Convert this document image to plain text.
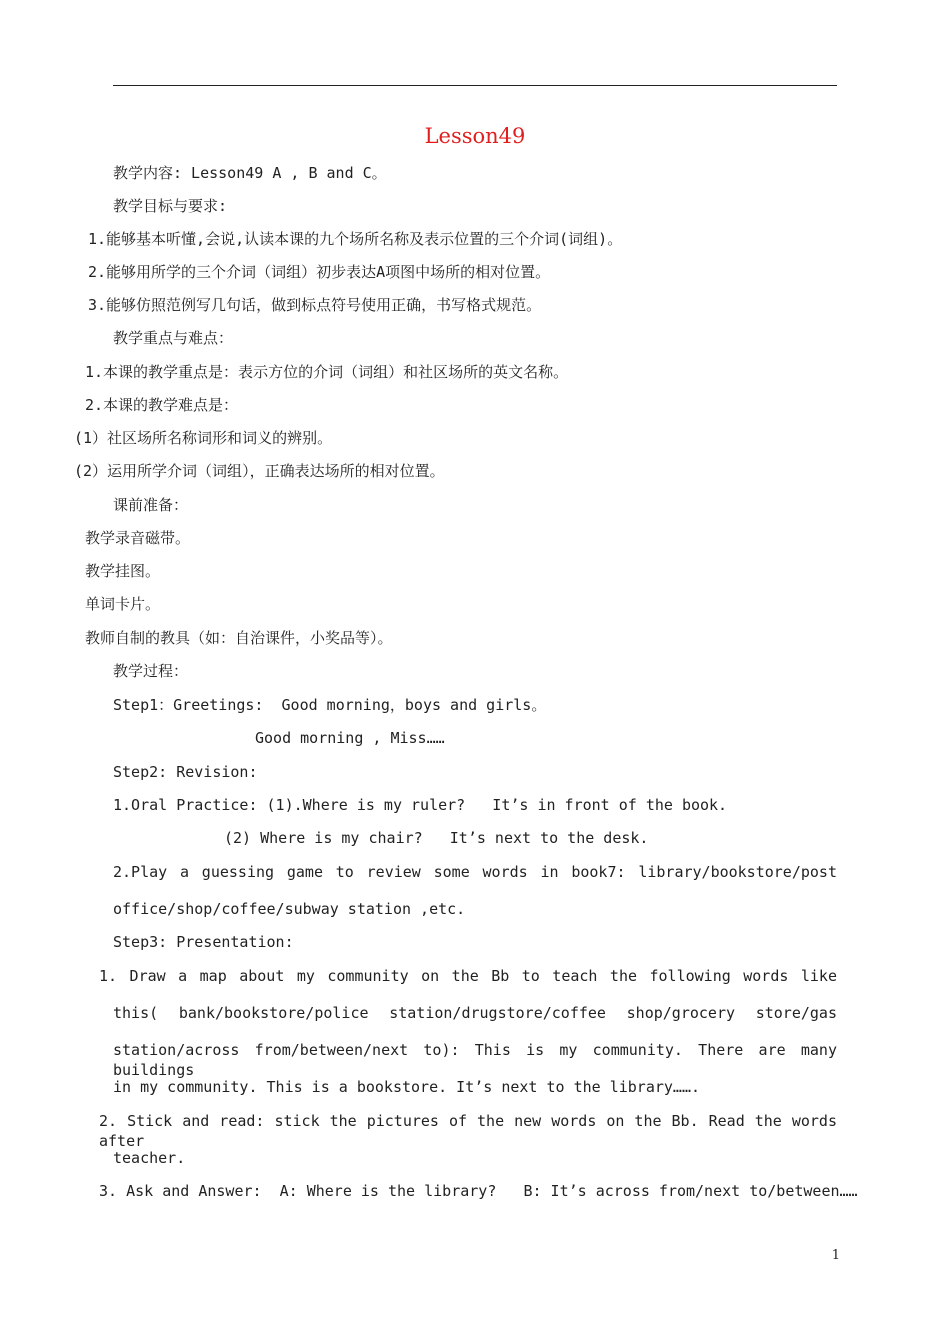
Lesson49
教学内容: Lesson49 A , B and C。
教学目标与要求:
1.能够基本听懂,会说,认读本课的九个场所名称及表示位置的三个介词(词组)。
2.能够用所学的三个介词（词组）初步表达A项图中场所的相对位置。
3.能够仿照范例写几句话，做到标点符号使用正确，书写格式规范。
教学重点与难点：
1.本课的教学重点是：表示方位的介词（词组）和社区场所的英文名称。
2.本课的教学难点是：
(1）社区场所名称词形和词义的辨别。
(2）运用所学介词（词组），正确表达场所的相对位置。
课前准备：
教学录音磁带。
教学挂图。
单词卡片。
教师自制的教具（如：自治课件，小奖品等）。
教学过程：
Step1：Greetings:  Good morning，boys and girls。
Good morning , Miss……
Step2: Revision:
1.Oral Practice: (1).Where is my ruler?   It’s in front of the book.
(2) Where is my chair?   It’s next to the desk.
2.Play a guessing game to review some words in book7: library/bookstore/post
office/shop/coffee/subway station ,etc.
Step3: Presentation:
1. Draw a map about my community on the Bb to teach the following words like
this( bank/bookstore/police station/drugstore/coffee shop/grocery store/gas
station/across from/between/next to): This is my community. There are many buildings
in my community. This is a bookstore. It’s next to the library…….
2. Stick and read: stick the pictures of the new words on the Bb. Read the words after
teacher.
3. Ask and Answer:  A: Where is the library?   B: It’s across from/next to/between……
1
